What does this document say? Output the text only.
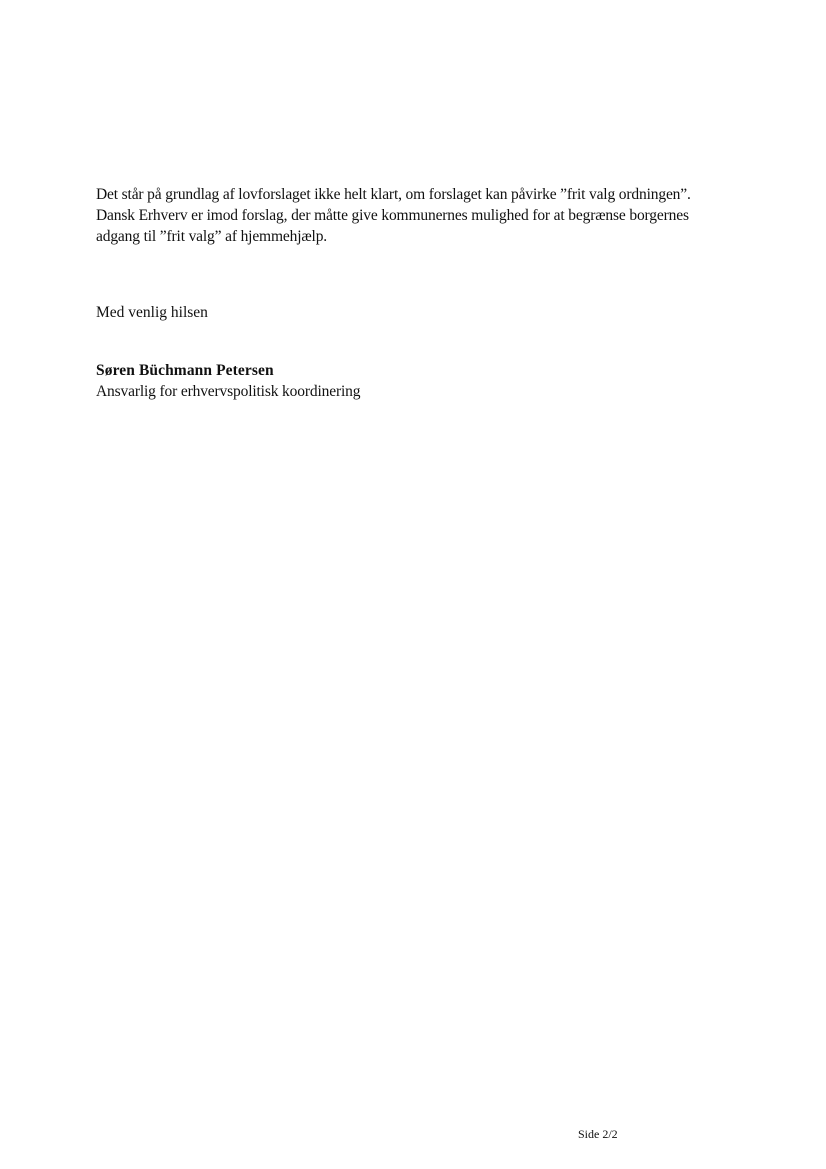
Det står på grundlag af lovforslaget ikke helt klart, om forslaget kan påvirke ”frit valg ordningen”.
Dansk Erhverv er imod forslag, der måtte give kommunernes mulighed for at begrænse borgernes
adgang til ”frit valg” af hjemmehjælp.

Med venlig hilsen

Søren Büchmann Petersen

Ansvarlig for erhvervspolitisk koordinering

Side 2/2
